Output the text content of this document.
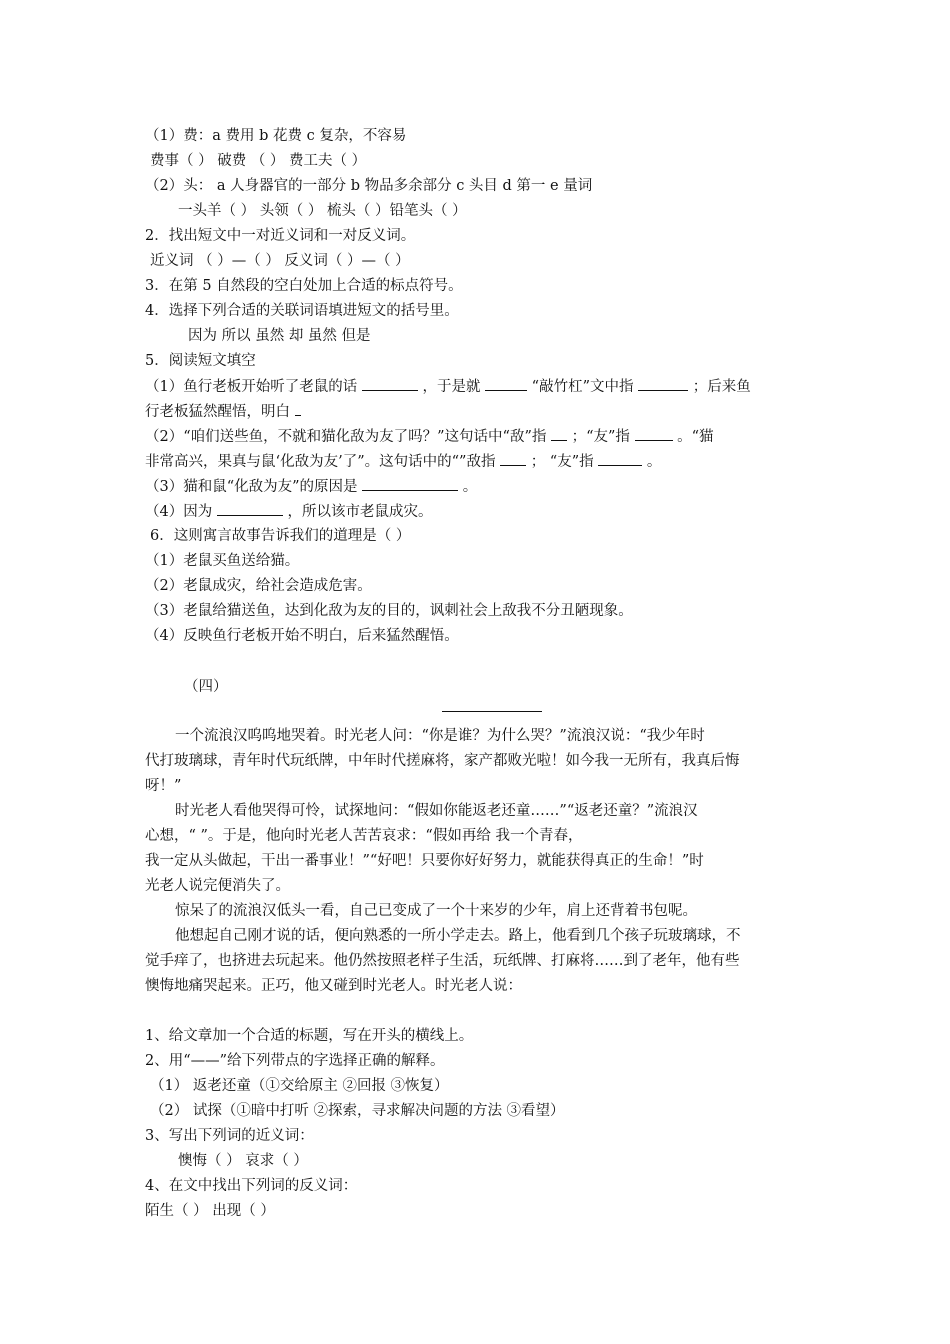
（1）费：a 费用 b 花费 c 复杂，不容易
费事（ ） 破费 （ ） 费工夫（ ）
（2）头： a 人身器官的一部分 b 物品多余部分 c 头目 d 第一 e 量词
一头羊（ ） 头领（ ） 梳头（ ）铅笔头（ ）
2．找出短文中一对近义词和一对反义词。
近义词 （ ）—（ ） 反义词（ ）—（ ）
3．在第 5 自然段的空白处加上合适的标点符号。
4．选择下列合适的关联词语填进短文的括号里。
因为 所以 虽然 却 虽然 但是
5．阅读短文填空
（1）鱼行老板开始听了老鼠的话	，于是就	“敲竹杠”文中指	；后来鱼
行老板猛然醒悟，明白
（2）“咱们送些鱼，不就和猫化敌为友了吗？”这句话中“敌”指 ；“友”指	。“猫
非常高兴，果真与鼠‘化敌为友’了”。这句话中的“”敌指 ； “友”指	。
（3）猫和鼠“化敌为友”的原因是	。
（4）因为	，所以该市老鼠成灾。
6．这则寓言故事告诉我们的道理是（ ）
（1）老鼠买鱼送给猫。
（2）老鼠成灾，给社会造成危害。
（3）老鼠给猫送鱼，达到化敌为友的目的，讽刺社会上敌我不分丑陋现象。
（4）反映鱼行老板开始不明白，后来猛然醒悟。
（四）
一个流浪汉呜呜地哭着。时光老人问：“你是谁？为什么哭？”流浪汉说：“我少年时
代打玻璃球，青年时代玩纸牌，中年时代搓麻将，家产都败光啦！如今我一无所有，我真后悔
呀！”
时光老人看他哭得可怜，试探地问：“假如你能返老还童……”“返老还童？”流浪汉
心想，“ ”。于是，他向时光老人苦苦哀求：“假如再给 我一个青春，
我一定从头做起，干出一番事业！”“好吧！只要你好好努力，就能获得真正的生命！”时
光老人说完便消失了。
惊呆了的流浪汉低头一看，自己已变成了一个十来岁的少年，肩上还背着书包呢。
他想起自己刚才说的话，便向熟悉的一所小学走去。路上，他看到几个孩子玩玻璃球，不
觉手痒了，也挤进去玩起来。他仍然按照老样子生活，玩纸牌、打麻将……到了老年，他有些
懊悔地痛哭起来。正巧，他又碰到时光老人。时光老人说：
1、给文章加一个合适的标题，写在开头的横线上。
2、用“——”给下列带点的字选择正确的解释。
（1） 返老还童（①交给原主 ②回报 ③恢复）
（2） 试探（①暗中打听 ②探索，寻求解决问题的方法 ③看望）
3、写出下列词的近义词：
懊悔（ ） 哀求（ ）
4、在文中找出下列词的反义词：
陌生（ ） 出现（ ）
